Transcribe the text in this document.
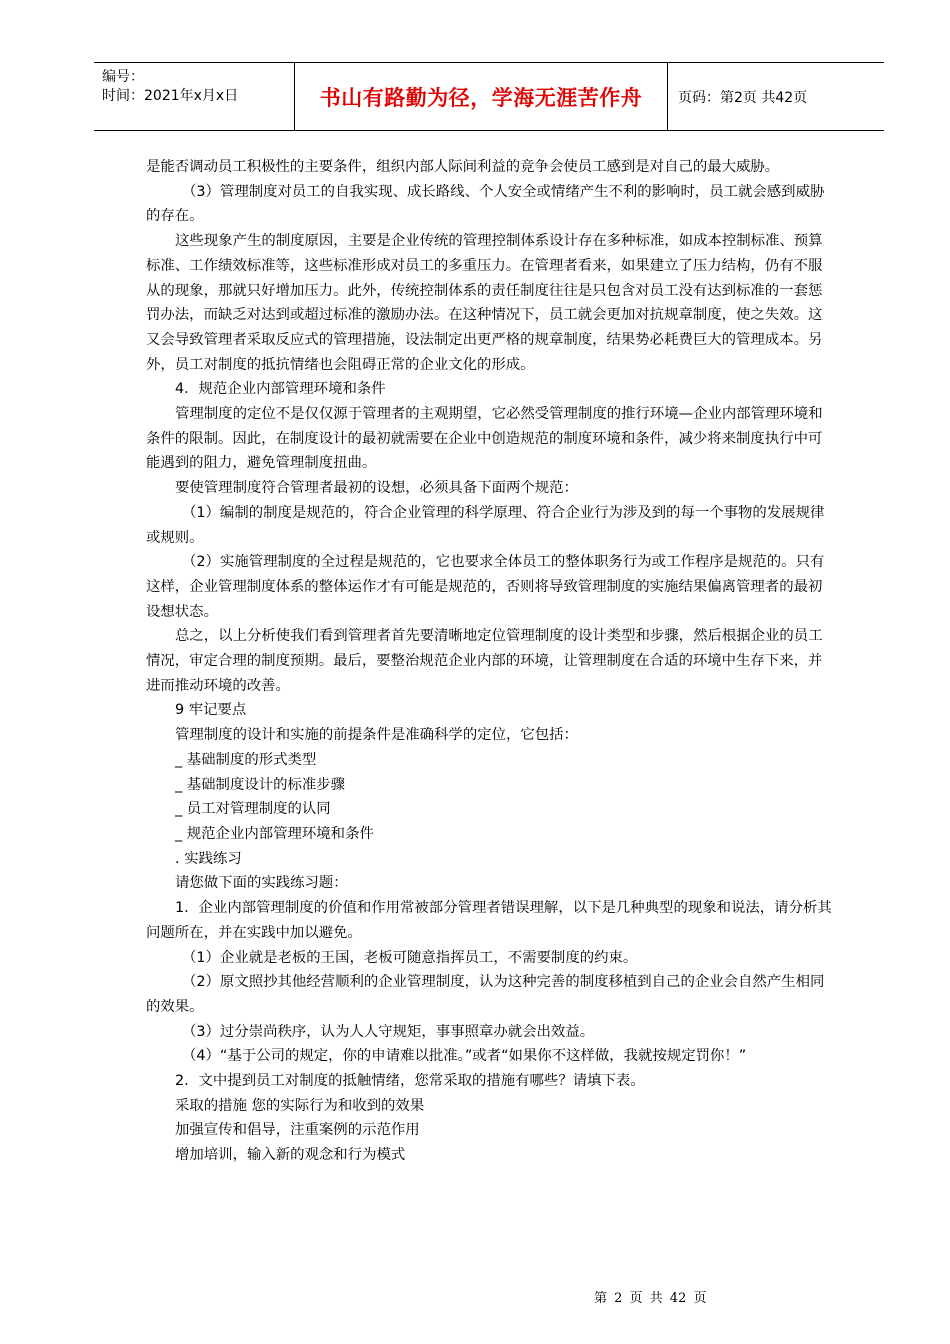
编号：
时间：2021年x月x日	书山有路勤为径，学海无涯苦作舟	页码：第2页 共42页

是能否调动员工积极性的主要条件，组织内部人际间利益的竞争会使员工感到是对自己的最大威胁。

（3）管理制度对员工的自我实现、成长路线、个人安全或情绪产生不利的影响时，员工就会感到威胁的存在。

这些现象产生的制度原因，主要是企业传统的管理控制体系设计存在多种标准，如成本控制标准、预算标准、工作绩效标准等，这些标准形成对员工的多重压力。在管理者看来，如果建立了压力结构，仍有不服从的现象，那就只好增加压力。此外，传统控制体系的责任制度往往是只包含对员工没有达到标准的一套惩罚办法，而缺乏对达到或超过标准的激励办法。在这种情况下，员工就会更加对抗规章制度，使之失效。这又会导致管理者采取反应式的管理措施，设法制定出更严格的规章制度，结果势必耗费巨大的管理成本。另外，员工对制度的抵抗情绪也会阻碍正常的企业文化的形成。

4．规范企业内部管理环境和条件

管理制度的定位不是仅仅源于管理者的主观期望，它必然受管理制度的推行环境—企业内部管理环境和条件的限制。因此，在制度设计的最初就需要在企业中创造规范的制度环境和条件，减少将来制度执行中可能遇到的阻力，避免管理制度扭曲。

要使管理制度符合管理者最初的设想，必须具备下面两个规范：

（1）编制的制度是规范的，符合企业管理的科学原理、符合企业行为涉及到的每一个事物的发展规律或规则。

（2）实施管理制度的全过程是规范的，它也要求全体员工的整体职务行为或工作程序是规范的。只有这样，企业管理制度体系的整体运作才有可能是规范的，否则将导致管理制度的实施结果偏离管理者的最初设想状态。

总之，以上分析使我们看到管理者首先要清晰地定位管理制度的设计类型和步骤，然后根据企业的员工情况，审定合理的制度预期。最后，要整治规范企业内部的环境，让管理制度在合适的环境中生存下来，并进而推动环境的改善。

9 牢记要点

管理制度的设计和实施的前提条件是准确科学的定位，它包括：

_ 基础制度的形式类型

_ 基础制度设计的标准步骤

_ 员工对管理制度的认同

_ 规范企业内部管理环境和条件

. 实践练习

请您做下面的实践练习题：

1．企业内部管理制度的价值和作用常被部分管理者错误理解，以下是几种典型的现象和说法，请分析其问题所在，并在实践中加以避免。

（1）企业就是老板的王国，老板可随意指挥员工，不需要制度的约束。

（2）原文照抄其他经营顺利的企业管理制度，认为这种完善的制度移植到自己的企业会自然产生相同的效果。

（3）过分崇尚秩序，认为人人守规矩，事事照章办就会出效益。

（4）“基于公司的规定，你的申请难以批准。”或者“如果你不这样做，我就按规定罚你！”

2．文中提到员工对制度的抵触情绪，您常采取的措施有哪些？请填下表。

采取的措施 您的实际行为和收到的效果

加强宣传和倡导，注重案例的示范作用

增加培训，输入新的观念和行为模式

第 2 页 共 42 页
